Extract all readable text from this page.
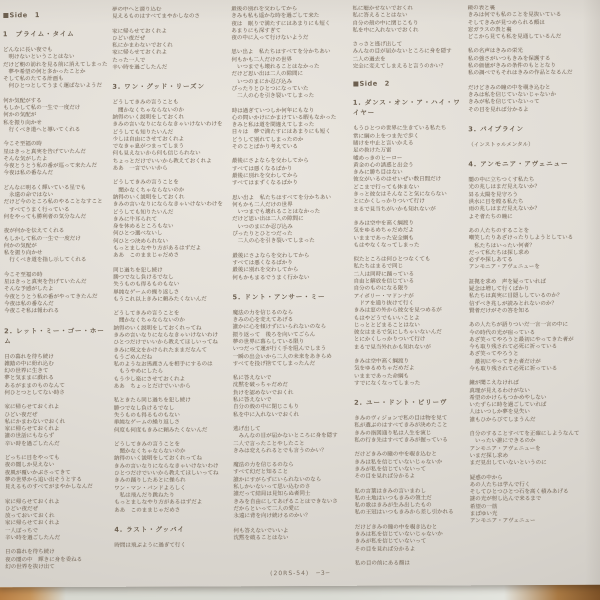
■Side　1
1　プライム・タイム
どんなに長い夜でも
　明けないということはない
だけど朝の訪れを見る前に消えてしまった
　夢や希望の何と多かったことか
そして私のたてる計画も
　何ひとつとしてうまく運ばないようだ
何か気配がする
もしかして私の一生で一度だけ
何かの気配が
私を振り向かせ
　行くべき道へと導いてくれる
今こそ至福の時
星はきっと真実を告げていたんだ
そんな気がしたよ
今夜とうとう私の番が巡って来たんだ
今夜は私の番なんだ
どんなに明るく輝いている星でも
　永遠の命ではない
だけど今のところ私のやることなすこと
　すべてうまく行っている
何をやっても勝利者の気分なんだ
夜が何かを伝えてくれる
もしかして私の一生で一度だけ
何かの気配が
私を振り向かせ
　行くべき道を指し示してくれる
今こそ至福の時
星はきっと真実を告げていたんだ
そんな予感がしたよ
今夜とうとう私の番がやってきたんだ
今夜は私の番なんだ
今夜こそ私は報われる
2. レット・ミー・ゴー・ホーム
日の暮れを待ち続け
雑踏の中に紛れ込む
幻の世界に生きて
夢と気ままに戯れる
あるがままのものなんて
何ひとつとしてない時さ
家に帰らせておくれよ
ひどい夜だぜ
私にかまわないでおくれ
家に帰らせておくれよ
誰の世話にもならず
辛い時を過ごしたんだ
どっちに目をやっても
夜の闇しか見えない
夜風が覆いかぶさってきて
夢の世界から追い出そうとする
見えるものすべてがまやかしなんだ
家に帰らせておくれよ
ひどい夜だぜ
放っておいておくれ
家に帰らせておくれよ
一人ぼっちで
辛い時を過ごしたんだ
日の暮れを待ち続け
夜の闇の中　輝きに身を委ねる
幻の世界を抜け出て
夢の中へと潜り込む
見えるものはすべてまやかしなのさ
家に帰らせておくれよ
ひどい夜だぜ
私にかまわないでおくれ
家に帰らせておくれよ
たった一人で
辛い時を過ごしたんだ
3. ワン・グッド・リーズン
どうしてきみの言うことも
　聞かなくちゃならないのか
納得のいく説明をしておくれ
きみの言いなりにならなきゃいけないわけを
どうしても知りたいんだ
少しは自由にさせておくれよ
でなきゃ息がつまってしまう
何も見えないから何も信じられない
ちょっとだけでいいから教えておくれよ
ああ　一言でいいから
どうしてきみの言うことを
　聞かなくちゃならないのか
納得のいく説明をしておくれ
きみの言いなりにならなきゃいけないわけを
どうしても知りたいんだ
きみに牛耳られて
身を休めるところもない
何ひとつ選べないし
何ひとつ決められない
もっとましなやり方があるはずだよ
ああ　このままじゃだめさ
同じ過ちを犯し続け
勝つでなし負けるでなし
失うものも得るものもない
単純なゲームの繰り返しさ
もうこれ以上きみに頼みたくないんだ
どうしてきみの言うことを
　聞かなくちゃならないのか
納得のいく説明をしておくれってね
きみの言いなりにならなきゃいけないわけ
ひとつだけでいいから教えてほしいってね
きみに呪文をかけられたままだなんて
もうごめんだね
私のようなお馬鹿さんを相手にするのは
　もうやめにしたら
もう少し楽にさせておくれよ
ああ　ちょっとだけでいいから
私ときたら同じ過ちを犯し続け
勝つでなし負けるでなし
失うものも得るものもない
単純なゲームの繰り返しさ
何度も何度もきみに頼みたくないんだ
どうしてきみの言うことを
　聞かなくちゃならないのか
納得のいく説明をしておくれってね
きみの言いなりにならなきゃいけないわけ
ひとつだけでいいから教えてほしいってね
きみの踊りしたあとに操られ
ワン・マン・バンドよろしく
　私は飛んだり跳ねたり
もっとましなやり方があるはずだよ
ああ　このままじゃだめさ
4. ラスト・グッバイ
時間は飛ぶように過ぎて行く
最後の別れを交わしてから
きみも私も遥かな時を過ごして来た
夜は　眠りで満たすにはあまりにも短く
あまりにも深すぎて
夜の中に入って行けないようだ
思い出よ　私たちはすべてを分かちあい
何もかも二人だけの世界
　いつまでも壊れることはなかった
だけど思い出は二人の隙間に
　いつのまにか忍び込み
ぴったりとひとつになっていた
　二人の心を引き裂いてしまった
時は過ぎていつしか何年にもなり
心の問いかけにかまけている暇もなかった
きみと私は道を間違えてしまった
日々は　夢で満たすにはあまりにも短く
どうして別れてしまったのか
そのことばかり考えている
最後にさよならを交わしてから
すべては悪くなるばかり
最後に別れを交わしてから
すべてはまずくなるばかり
思い出よ　私たちはすべてを分かちあい
何もかも二人だけの世界
　いつまでも壊れることはなかった
だけど思い出は二人の隙間に
　いつのまにか忍び込み
ぴったりとひとつだった
　二人の心を引き裂いてしまった
最後にさよならを交わしてから
すべては悪くなるばかり
最後に別れを交わしてから
何もかもまるでうまく行かない
5. ドント・アンサー・ミー
魔法の力を信じるのなら
きみの心を変えてあげる
誰かに心を傾けずにいられないのなら
振り返って　後ろを向いてごらん
夢の世界に暮らしている限り
いつだって運が行く手を阻んでしまう
一瞬の出会いから二人の未来をあきらめ
すべてを投げ捨ててしまったんだ
私に答えないで
沈黙を破っちゃだめだ
負けを認めないでおくれ
私に答えないで
自分の殻の中に閉じこもり
私を中に入れないでおくれ
逃げ出して
　みんなの目が届かないところに身を隠す
二人で言ったことやしたこと
きみは変えられるとでも言うのかい？
魔法の力を信じるのなら
すべて幻だと知ること
誰かにすがらずにいられないのなら
私しかいないって思い込むのさ
誰だって結局は見知らぬ者同士
きみを自由にしてあげることはできないさ
だからといって二人の愛に
永遠に背を向け続けるのかい？
何も答えないでいいよ
沈黙を破ることはない
私に聴かせないでおくれ
私に答えることはない
自分の殻の中に閉じこもり
私を中に入れないでおくれ
さっさと逃げ出して
みんなの目が届かないところに身を隠す
二人の過去を
完全に変えてしまえると言うのかい？
■Side　2
1. ダンス・オン・ア・ハイ・ワイヤー
もうひとつの世界に生きている私たち
常に綱の上をつま先で歩く
賭けを中止と言いかえる
足の抜けた万雷
嘘めっきのヒーロー
黄金の心の誘惑と出会う
きみに勝ち目はない
彼女がいるのはせいぜい数日間だけ
どこまで行っても休まない
きっと彼女はそんなこと気にならない
とにかくしっかりついて行け
まるで見当ちがいかも知れないが
きみは空中を高く綱渡り
気をゆるめちゃだめだよ
いままであった安全網も
もはやなくなってしまった
似たところは何ひとつなくても
私たちはまるで同じ
二人は同時に踊っている
自由と解放を信じている
自分のものになる限り
アイボリー・マドンナが
　ドアを通り抜けて行く
きみは窓の外から彼女を見つめるが
もはやどうでもいいことよ
じっととどまることはない
彼女はまるで気にしちゃいないんだ
とにかくしっかりついて行け
まるで見当外れかも知れないが
きみは空中高く綱渡り
気をゆるめちゃだめだよ
いままであった命綱も
すでになくなってしまった
2. ユー・ドント・ビリーヴ
きみのヴィジョンで私の目は物を見て
私が選ぶのはすべてきみが決めたこと
きみの指図通り私は人生を演じ
私の行き先はすべてきみが握っている
だけどきみの瞳の中を覗き込むと
きみは私を信じていないじゃないか
きみが私を信じていないって
その目を見れば分かるよ
私の言葉はきみの言いまわし
私の土地はいつもきみの領土だ
私の歌はきみが生み出したもの
私の王冠はいつもきみから差し引かれる
だけどきみの瞳の中を覗き込むと
きみは私を信じていないじゃないか
きみが私を信じていないって
その目を見れば分かるよ
私の目の前にある顔は
鏡の表と裏
きみは何でも私のことを見抜いている
そしてきみが見つめられる顔は
窓ガラスの表と裏
どこから見ても私を見通しているんだ
私の名声はきみの栄光
私の強さがいつもきみを保護する
私の価値がきみの条件のもととなり
私の調べでもそれはきみの作品となるんだ
だけどきみの瞳の中を覗き込むと
きみは私を信じていないじゃないか
きみが私を信じていないって
その目を見れば分かるよ
3. パイプライン
（インストゥルメンタル）
4. アンモニア・アヴェニュー
闇の中に立ちつくす私たち
光の兆しはまだ見えないか？
昇る太陽を見守ろう
洪水に目を瞠る私たち
雨の兆しはまだ見えないか？
よそ者たちの瞳に
あの人たちのすることを
嘲笑したりあざけったりしようとしている
　私たちはいったい何者？
だって私たちは探し求め
必ずや探しあてる
アンモニア・アヴェニューを
証拠を求め　声を疑っていれば
疑念は増して行くばかり
私たちは真実に目隠ししているのか？
信ずべき兆しが読みとれないのか？
賢者だけがその答を知る
あの人たちが語りついだ一言一言の中に
今の時代の光が宿っている
あざ笑ってやろうと最初にやってきた者が
今も取り残されて必死に祈っている
あざ笑ってやろうと
　最初にやってきた者だけが
今も取り残されて必死に祈っている
鐘が聞こえなければ
真理が見えるわけがない
希望のかけらもつかめやしない
いたずらに時を過ごしていれば
人はいつしか夢を見失い
誰もひからびてしまうんだ
自分のすることすべてを正確にしようなんて
　いったい誰にできるのか
アンモニア・アヴェニューを
いまだ探し求め
まだ見出していないというのに
疑惑の中から
あの人たちは学んで行く
そしてひとつひとつ石を高く積みあげる
謎の光が射し込んで来るまで
希望の一筋
まばゆい光
アンモニア・アヴェニュー
(20RS-54)　─3─
